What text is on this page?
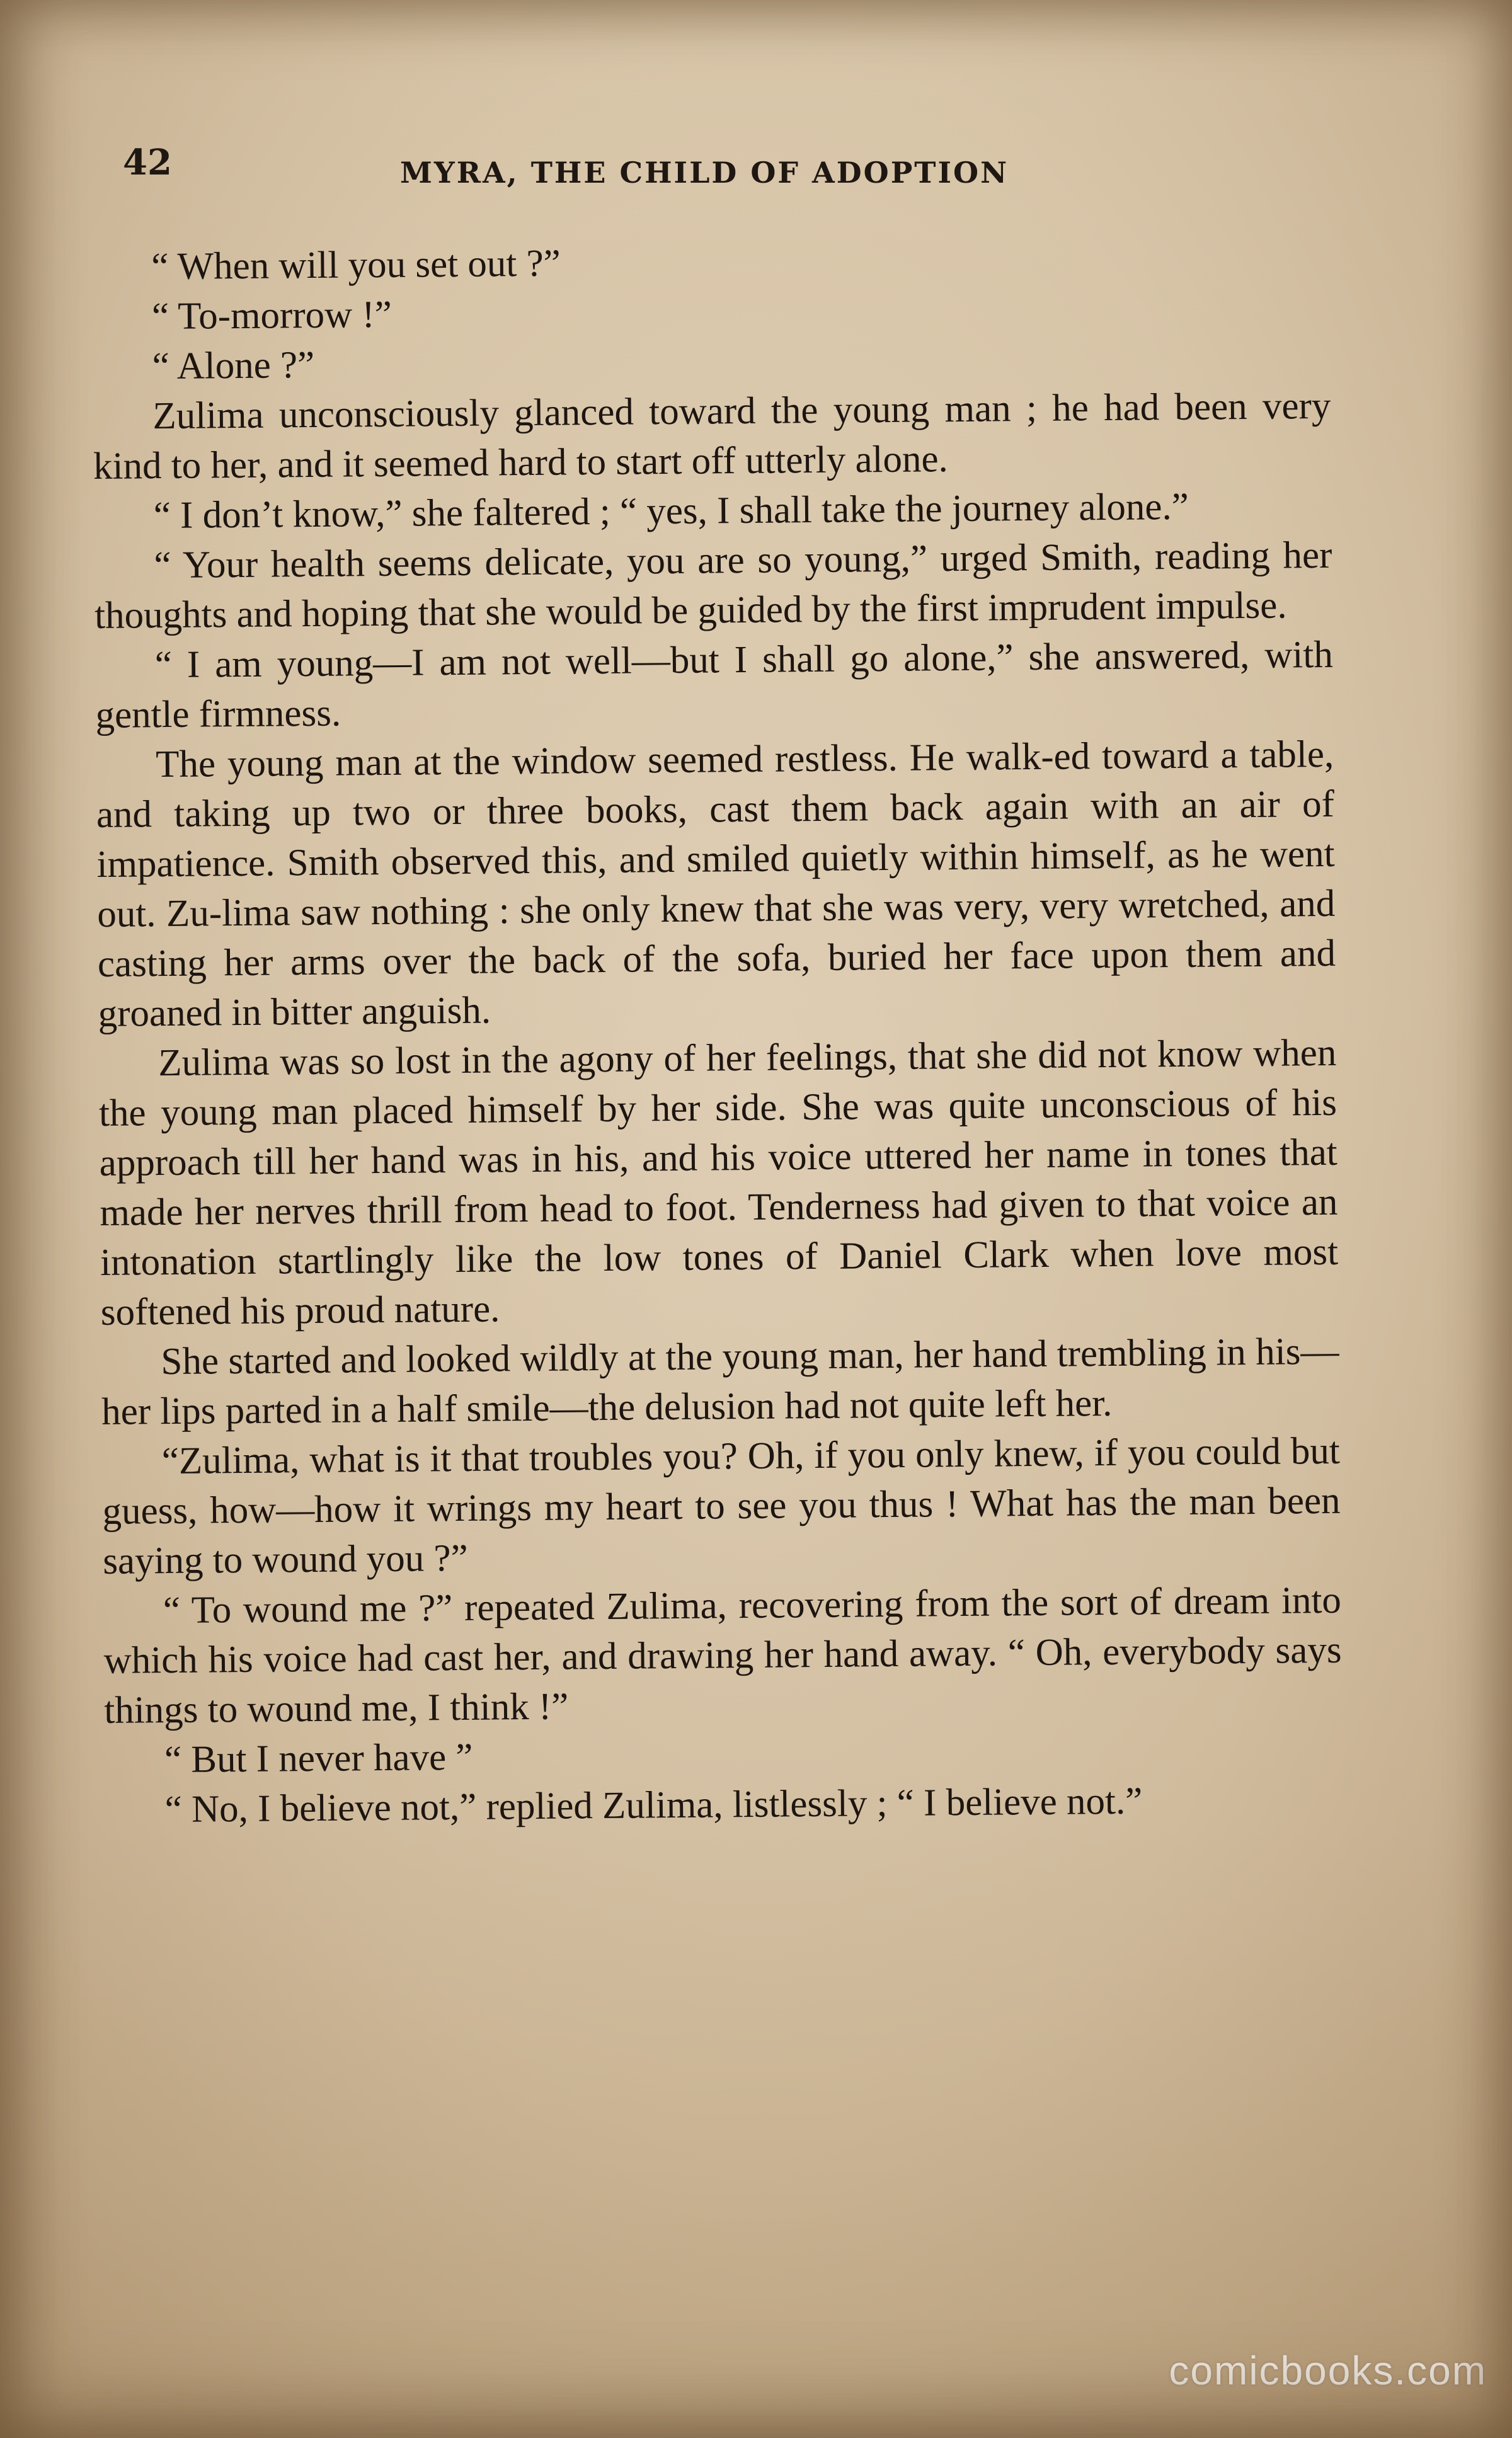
42	MYRA, THE CHILD OF ADOPTION

“ When will you set out ?”

“ To-morrow !”

“ Alone ?”

Zulima unconsciously glanced toward the young man ; he had been very kind to her, and it seemed hard to start off utterly alone.

“ I don’t know,” she faltered ; “ yes, I shall take the journey alone.”

“ Your health seems delicate, you are so young,” urged Smith, reading her thoughts and hoping that she would be guided by the first imprudent impulse.

“ I am young—I am not well—but I shall go alone,” she answered, with gentle firmness.

The young man at the window seemed restless. He walk-ed toward a table, and taking up two or three books, cast them back again with an air of impatience. Smith observed this, and smiled quietly within himself, as he went out. Zu-lima saw nothing : she only knew that she was very, very wretched, and casting her arms over the back of the sofa, buried her face upon them and groaned in bitter anguish.

Zulima was so lost in the agony of her feelings, that she did not know when the young man placed himself by her side. She was quite unconscious of his approach till her hand was in his, and his voice uttered her name in tones that made her nerves thrill from head to foot. Tenderness had given to that voice an intonation startlingly like the low tones of Daniel Clark when love most softened his proud nature.

She started and looked wildly at the young man, her hand trembling in his—her lips parted in a half smile—the delusion had not quite left her.

“Zulima, what is it that troubles you? Oh, if you only knew, if you could but guess, how—how it wrings my heart to see you thus ! What has the man been saying to wound you ?”

“ To wound me ?” repeated Zulima, recovering from the sort of dream into which his voice had cast her, and drawing her hand away. “ Oh, everybody says things to wound me, I think !”

“ But I never have ”

“ No, I believe not,” replied Zulima, listlessly ; “ I believe not.”

comicbooks.com
